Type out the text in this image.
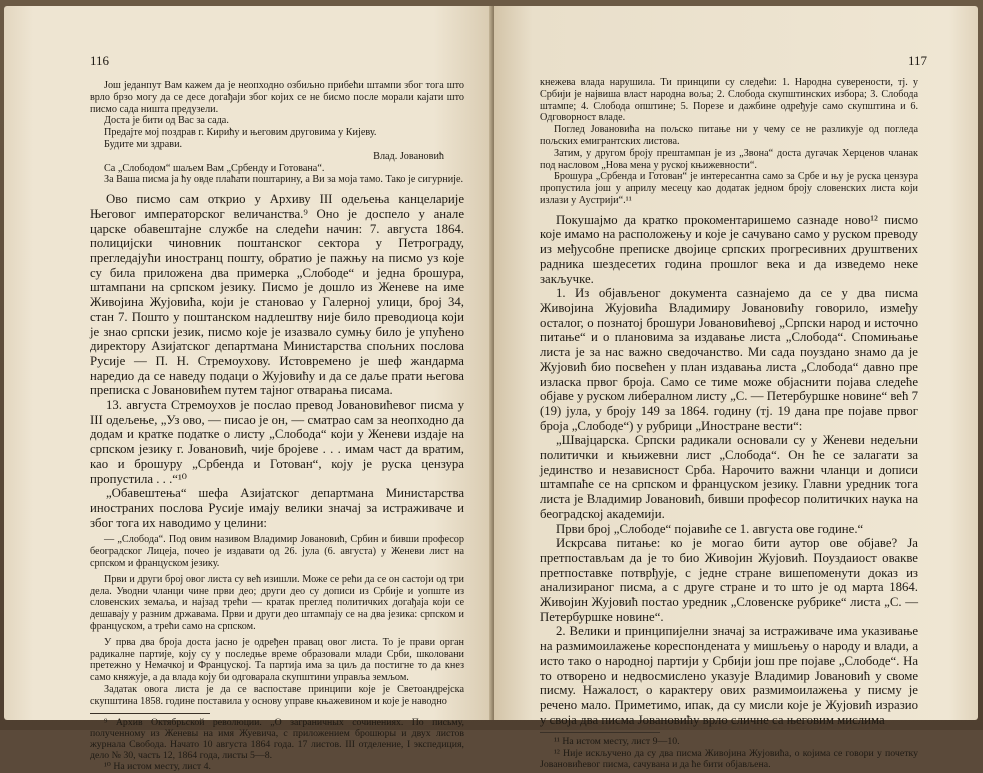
116

Још једанпут Вам кажем да је неопходно озбиљно прибећи штампи због тога што врло брзо могу да се десе догађаји због којих се не бисмо после морали кајати што писмо сада ништа предузели.

Доста је бити од Вас за сада.

Предајте мој поздрав г. Кирићу и његовим друговима у Кијеву.

Будите ми здрави.

Влад. Јовановић

Са „Слободом“ шаљем Вам „Србенду и Готована“.

За Ваша писма ја ћу овде плаћати поштарину, а Ви за моја тамо. Тако је сигурније.

Ово писмо сам открио у Архиву III одељења канцеларије Његовог императорског величанства.⁹ Оно је доспело у анале царске обавештајне службе на следећи начин: 7. августа 1864. полицијски чиновник поштанског сектора у Петрограду, прегледајући иностранц пошту, обратио је пажњу на писмо уз које су била приложена два примерка „Слободе“ и једна брошура, штампани на српском језику. Писмо је дошло из Женеве на име Живојина Жујовића, који је становао у Галерној улици, број 34, стан 7. Пошто у поштанском надлештву није било преводиоца који је знао српски језик, писмо које је изазвало сумњу било је упућено директору Азијатског департмана Министарства спољних послова Русије — П. Н. Стремоухову. Истовремено је шеф жандарма наредио да се наведу подаци о Жујовићу и да се даље прати његова преписка с Јовановићем путем тајног отварања писама.

13. августа Стремоухов је послао превод Јовановићевог писма у III одељење, „Уз ово, — писао је он, — сматрао сам за неопходно да додам и кратке податке о листу „Слобода“ који у Женеви издаје на српском језику г. Јовановић, чије бројеве . . . имам част да вратим, као и брошуру „Србенда и Готован“, коју је руска цензура пропустила . . .“¹⁰

„Обавештења“ шефа Азијатског департмана Министарства иностраних послова Русије имају велики значај за истраживаче и због тога их наводимо у целини:

— „Слобода“. Под овим називом Владимир Јовановић, Србин и бивши професор београдског Лицеја, почео је издавати од 26. јула (6. августа) у Женеви лист на српском и француском језику.

Први и други број овог листа су већ изишли. Може се рећи да се он састоји од три дела. Уводни чланци чине први део; други део су дописи из Србије и уопште из словенских земаља, и најзад трећи — кратак преглед политичких догађаја који се дешавају у разним државама. Први и други део штампају се на два језика: српском и француском, а трећи само на српском.

У прва два броја доста јасно је одређен правац овог листа. То је прави орган радикалне партије, коју су у последње време образовали млади Срби, школовани претежно у Немачкој и Француској. Та партија има за циљ да постигне то да кнез само княжује, а да влада коју би одговарала скупштини управља земљом.

Задатак овога листа је да се васпоставе принципи које је Светоандрејска скупштина 1858. године поставила у основу управе књажевином и које је наводно

⁹ Архив Октябрьской революции. „О заграничных сочинениях. По письму, полученному из Женевы на имя Жуевича, с приложением брошюры и двух листов журнала Свобода. Начато 10 августа 1864 года. 17 листов. III отделение, I экспедиция, дело № 30, часть 12, 1864 года, листы 5—8.

¹⁰ На истом месту, лист 4.

117

кнежева влада нарушила. Ти принципи су следећи: 1. Народна суверености, тј. у Србији је највиша власт народна воља; 2. Слобода скупштинских избора; 3. Слобода штампе; 4. Слобода општине; 5. Порезе и дажбине одређује само скупштина и 6. Одговорност владе.

Поглед Јовановића на пољско питање ни у чему се не разликује од погледа пољских емигрантских листова.

Затим, у другом броју прештампан је из „Звона“ доста дугачак Херценов чланак под насловом „Нова мена у руској књижевности“.

Брошура „Србенда и Готован“ је интересантна само за Србе и њу је руска цензура пропустила још у априлу месецу као додатак једном броју словенских листа који излази у Аустрији“.¹¹

Покушајмо да кратко прокоментаришемо сазнаде ново¹² писмо које имамо на расположењу и које је сачувано само у руском преводу из међусобне преписке двојице српских прогресивних друштвених радника шездесетих година прошлог века и да изведемо неке закључке.

1. Из објављеног документа сазнајемо да се у два писма Живојина Жујовића Владимиру Јовановићу говорило, између осталог, о познатој брошури Јовановићевој „Српски народ и источно питање“ и о плановима за издавање листа „Слобода“. Спомињање листа је за нас важно сведочанство. Ми сада поуздано знамо да је Жујовић био посвећен у план издавања листа „Слобода“ давно пре изласка првог броја. Само се тиме може објаснити појава следеће објаве у руском либералном листу „С. — Петербуршке новине“ већ 7 (19) јула, у броју 149 за 1864. годину (тј. 19 дана пре појаве првог броја „Слободе“) у рубрици „Иностране вести“:

„Швајцарска. Српски радикали основали су у Женеви недељни политички и књижевни лист „Слобода“. Он ће се залагати за јединство и независност Срба. Нарочито важни чланци и дописи штампаће се на српском и француском језику. Главни уредник тога листа је Владимир Јовановић, бивши професор политичких наука на београдској академији.

Први број „Слободе“ појавиће се 1. августа ове године.“

Искрсава питање: ко је могао бити аутор ове објаве? Ја претпостављам да је то био Живојин Жујовић. Поуздаиост овакве претпоставке потврђује, с једне стране вишепоменути доказ из анализираног писма, а с друге стране и то што је од марта 1864. Живојин Жујовић постао уредник „Словенске рубрике“ листа „С. — Петербуршке новине“.

2. Велики и принципијелни значај за истраживаче има указивање на размимоилажење кореспондената у мишљењу о народу и влади, а исто тако о народној партији у Србији још пре појаве „Слободе“. На то отворено и недвосмислено указује Владимир Јовановић у своме писму. Нажалост, о карактеру ових размимоилажења у писму је речено мало. Приметимо, ипак, да су мисли које је Жујовић изразио у своја два писма Јовановићу врло сличне са његовим мислима

¹¹ На истом месту, лист 9—10.

¹² Није искључено да су два писма Живојина Жујовића, о којима се говори у почетку Јовановићевог писма, сачувана и да ће бити објављена.
